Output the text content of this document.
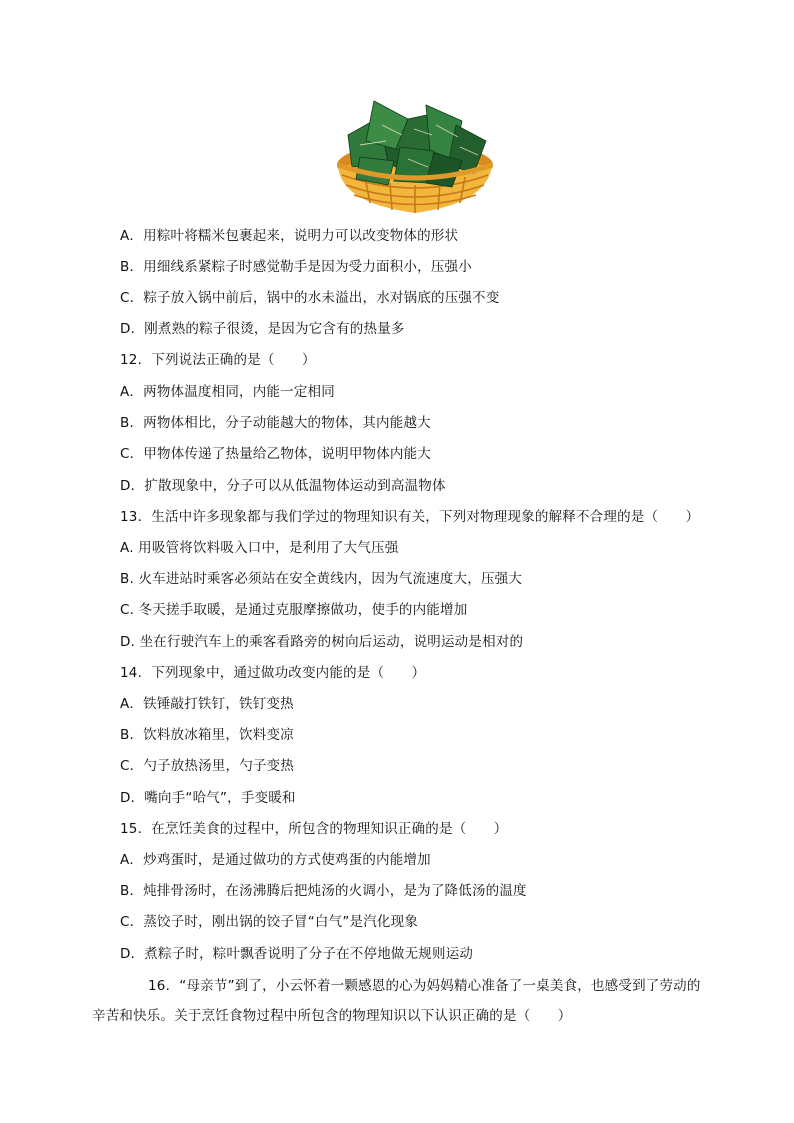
A．用粽叶将糯米包裹起来，说明力可以改变物体的形状
B．用细线系紧粽子时感觉勒手是因为受力面积小，压强小
C．粽子放入锅中前后，锅中的水未溢出，水对锅底的压强不变
D．刚煮熟的粽子很烫，是因为它含有的热量多
12．下列说法正确的是（　　）
A．两物体温度相同，内能一定相同
B．两物体相比，分子动能越大的物体，其内能越大
C．甲物体传递了热量给乙物体，说明甲物体内能大
D．扩散现象中，分子可以从低温物体运动到高温物体
13．生活中许多现象都与我们学过的物理知识有关，下列对物理现象的解释不合理的是（　　）
A. 用吸管将饮料吸入口中，是利用了大气压强
B. 火车进站时乘客必须站在安全黄线内，因为气流速度大，压强大
C. 冬天搓手取暖，是通过克服摩擦做功，使手的内能增加
D. 坐在行驶汽车上的乘客看路旁的树向后运动，说明运动是相对的
14．下列现象中，通过做功改变内能的是（　　）
A．铁锤敲打铁钉，铁钉变热
B．饮料放冰箱里，饮料变凉
C．勺子放热汤里，勺子变热
D．嘴向手“哈气”，手变暖和
15．在烹饪美食的过程中，所包含的物理知识正确的是（　　）
A．炒鸡蛋时，是通过做功的方式使鸡蛋的内能增加
B．炖排骨汤时，在汤沸腾后把炖汤的火调小，是为了降低汤的温度
C．蒸饺子时，刚出锅的饺子冒“白气”是汽化现象
D．煮粽子时，粽叶飘香说明了分子在不停地做无规则运动
16．“母亲节”到了，小云怀着一颗感恩的心为妈妈精心准备了一桌美食，也感受到了劳动的
辛苦和快乐。关于烹饪食物过程中所包含的物理知识以下认识正确的是（　　）
